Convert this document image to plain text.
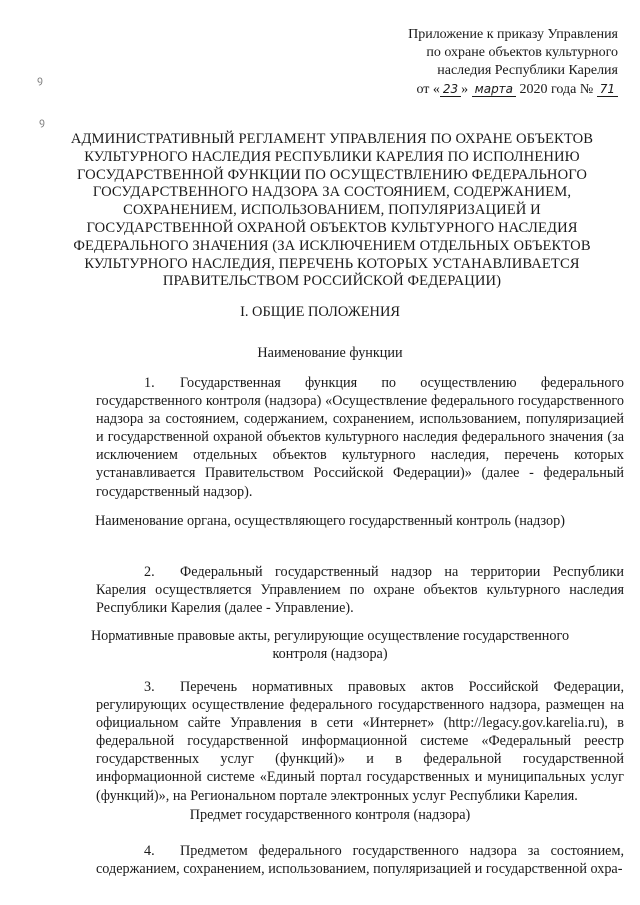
ꝯ
ꝯ
Приложение к приказу Управления
по охране объектов культурного
наследия Республики Карелия
от « 23 » марта 2020 года № 71
АДМИНИСТРАТИВНЫЙ РЕГЛАМЕНТ УПРАВЛЕНИЯ ПО ОХРАНЕ ОБЪЕКТОВ КУЛЬТУРНОГО НАСЛЕДИЯ РЕСПУБЛИКИ КАРЕЛИЯ ПО ИСПОЛНЕНИЮ ГОСУДАРСТВЕННОЙ ФУНКЦИИ ПО ОСУЩЕСТВЛЕНИЮ ФЕДЕРАЛЬНОГО ГОСУДАРСТВЕННОГО НАДЗОРА ЗА СОСТОЯНИЕМ, СОДЕРЖАНИЕМ, СОХРАНЕНИЕМ, ИСПОЛЬЗОВАНИЕМ, ПОПУЛЯРИЗАЦИЕЙ И ГОСУДАРСТВЕННОЙ ОХРАНОЙ ОБЪЕКТОВ КУЛЬТУРНОГО НАСЛЕДИЯ ФЕДЕРАЛЬНОГО ЗНАЧЕНИЯ (ЗА ИСКЛЮЧЕНИЕМ ОТДЕЛЬНЫХ ОБЪЕКТОВ КУЛЬТУРНОГО НАСЛЕДИЯ, ПЕРЕЧЕНЬ КОТОРЫХ УСТАНАВЛИВАЕТСЯ ПРАВИТЕЛЬСТВОМ РОССИЙСКОЙ ФЕДЕРАЦИИ)
I. ОБЩИЕ ПОЛОЖЕНИЯ
Наименование функции
1. Государственная функция по осуществлению федерального государственного контроля (надзора) «Осуществление федерального государственного надзора за состоянием, содержанием, сохранением, использованием, популяризацией и государственной охраной объектов культурного наследия федерального значения (за исключением отдельных объектов культурного наследия, перечень которых устанавливается Правительством Российской Федерации)» (далее - федеральный государственный надзор).
Наименование органа, осуществляющего государственный контроль (надзор)
2. Федеральный государственный надзор на территории Республики Карелия осуществляется Управлением по охране объектов культурного наследия Республики Карелия (далее - Управление).
Нормативные правовые акты, регулирующие осуществление государственного контроля (надзора)
3. Перечень нормативных правовых актов Российской Федерации, регулирующих осуществление федерального государственного надзора, размещен на официальном сайте Управления в сети «Интернет» (http://legacy.gov.karelia.ru), в федеральной государственной информационной системе «Федеральный реестр государственных услуг (функций)» и в федеральной государственной информационной системе «Единый портал государственных и муниципальных услуг (функций)», на Региональном портале электронных услуг Республики Карелия.
Предмет государственного контроля (надзора)
4. Предметом федерального государственного надзора за состоянием, содержанием, сохранением, использованием, популяризацией и государственной охра-
